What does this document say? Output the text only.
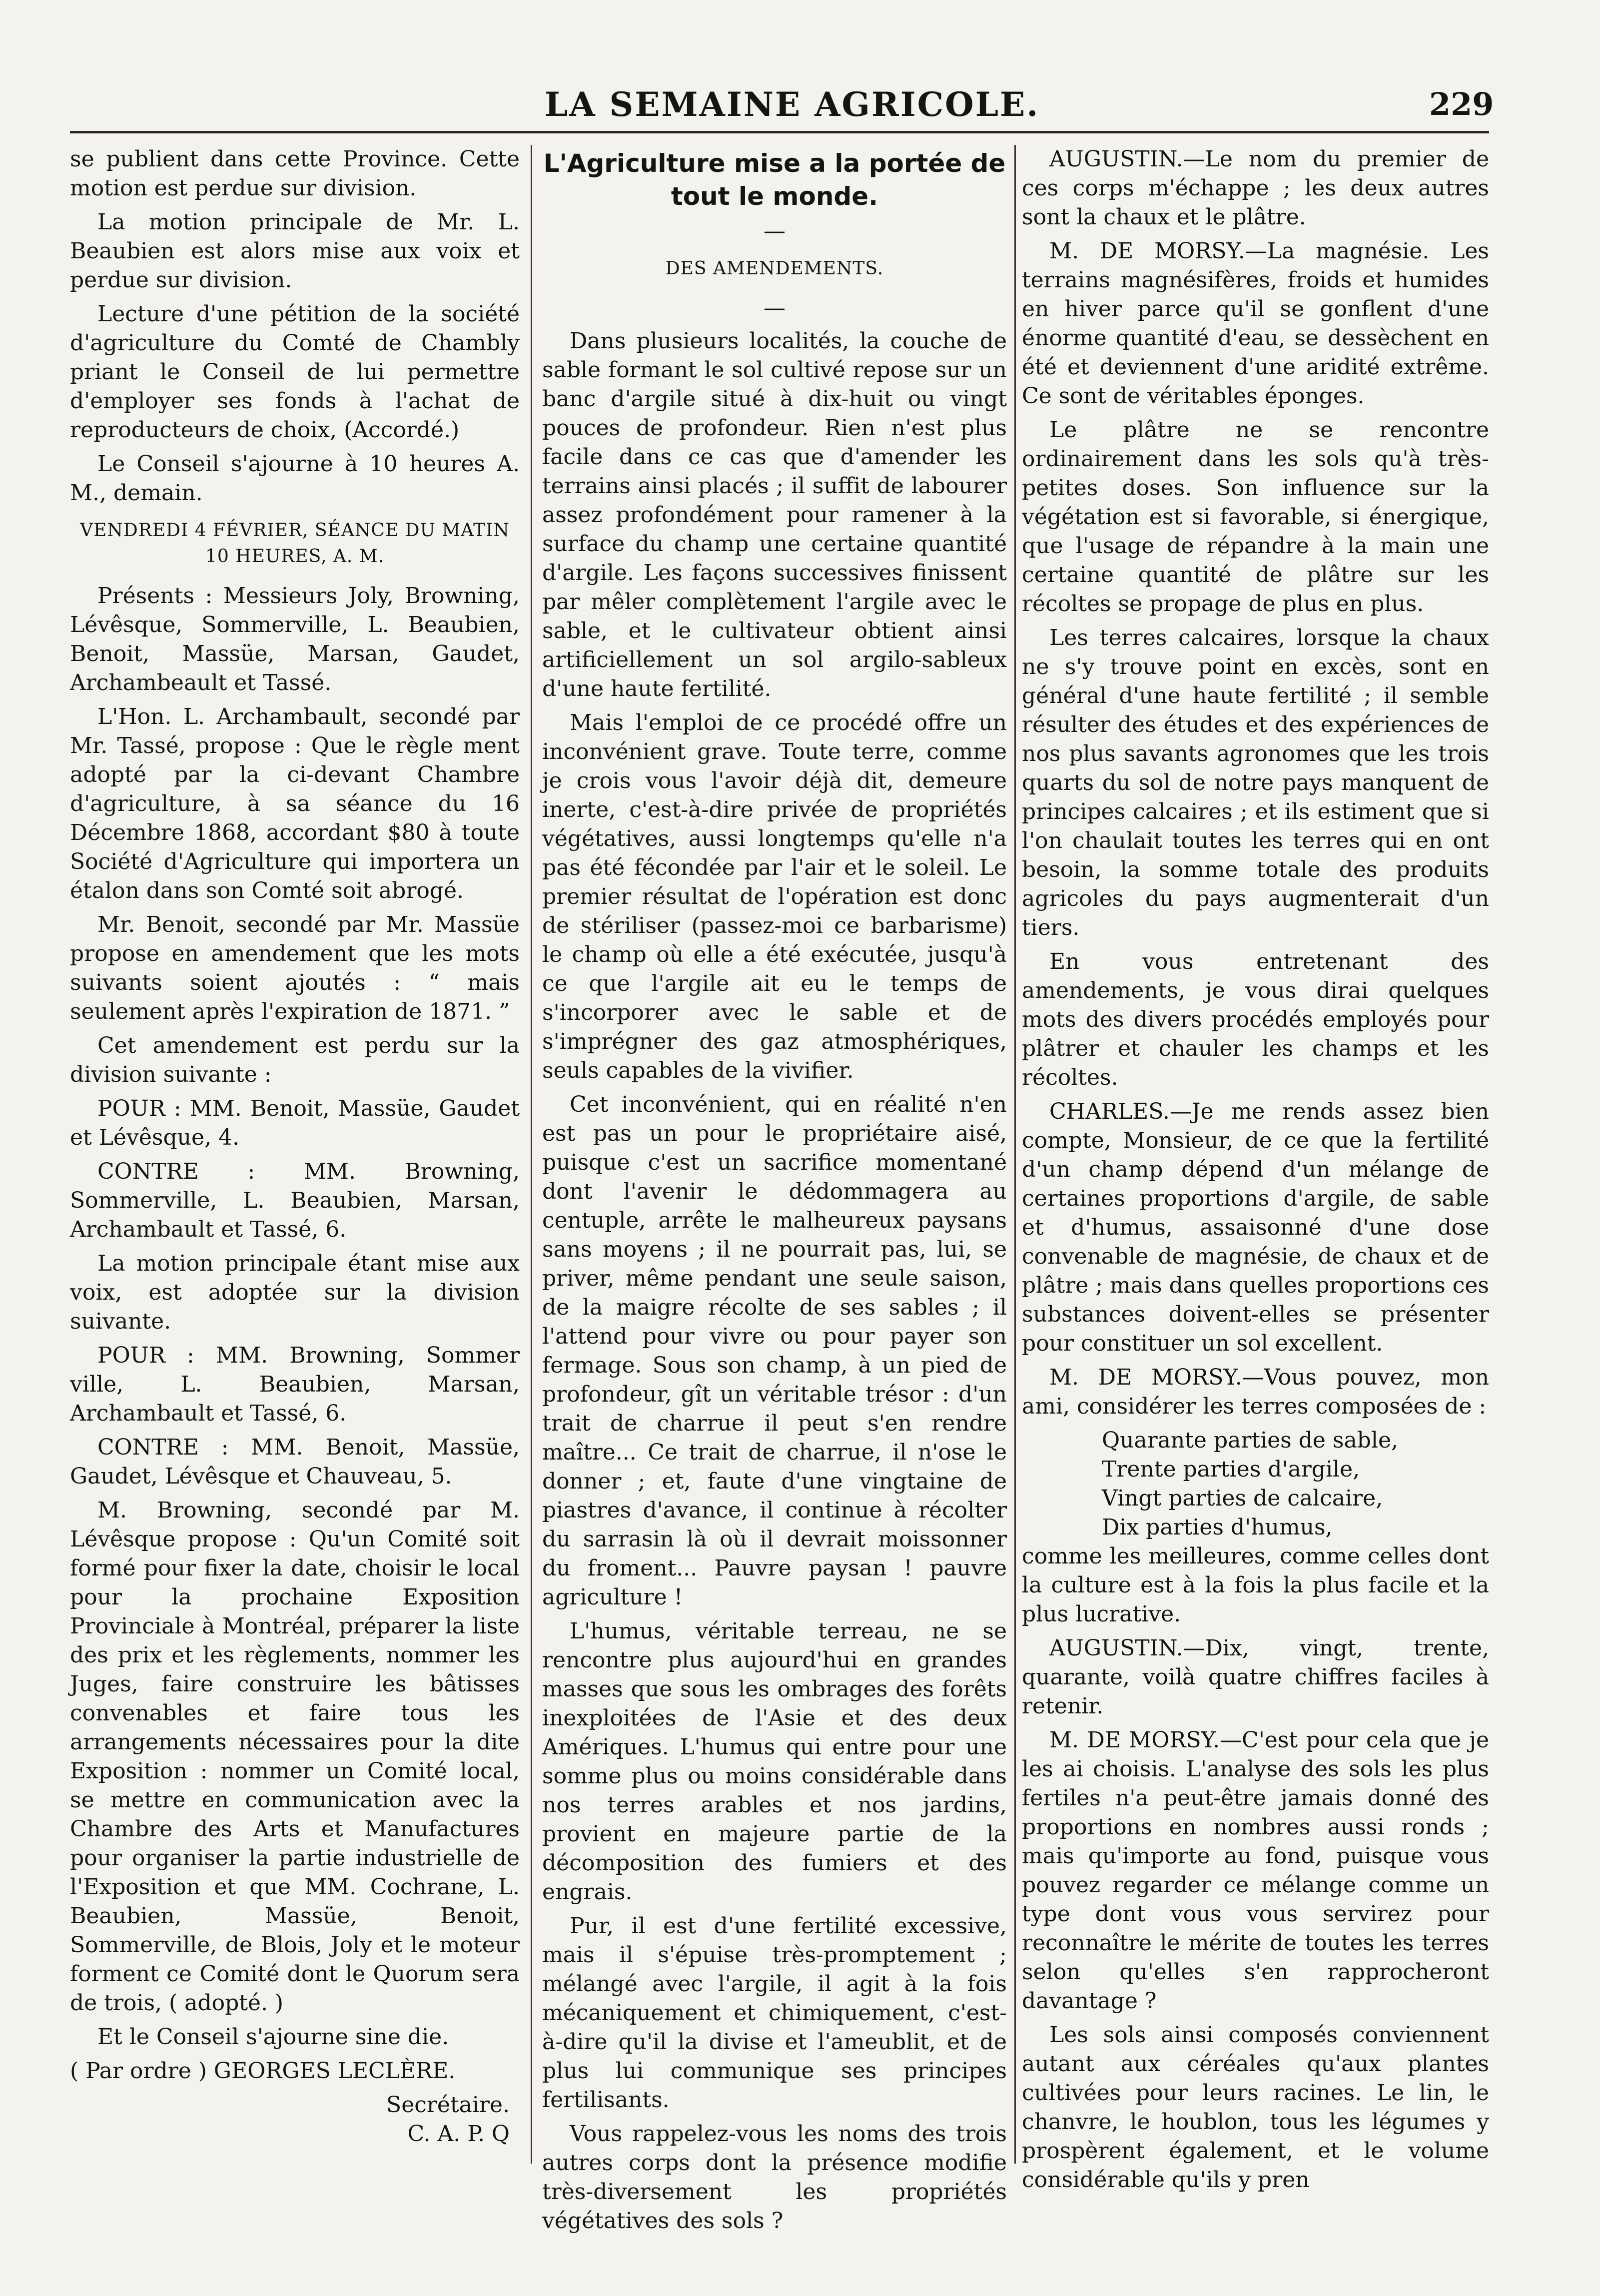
LA SEMAINE AGRICOLE.	229

se publient dans cette Province. Cette motion est perdue sur division.

La motion principale de Mr. L. Beaubien est alors mise aux voix et perdue sur division.

Lecture d'une pétition de la société d'agriculture du Comté de Chambly priant le Conseil de lui permettre d'employer ses fonds à l'achat de reproducteurs de choix, (Accordé.)

Le Conseil s'ajourne à 10 heures A. M., demain.

VENDREDI 4 FÉVRIER, SÉANCE DU MATIN 10 HEURES, A. M.

Présents : Messieurs Joly, Browning, Lévêsque, Sommerville, L. Beaubien, Benoit, Massüe, Marsan, Gaudet, Archambeault et Tassé.

L'Hon. L. Archambault, secondé par Mr. Tassé, propose : Que le règle ment adopté par la ci-devant Chambre d'agriculture, à sa séance du 16 Décembre 1868, accordant $80 à toute Société d'Agriculture qui importera un étalon dans son Comté soit abrogé.

Mr. Benoit, secondé par Mr. Massüe propose en amendement que les mots suivants soient ajoutés : “ mais seulement après l'expiration de 1871. ”

Cet amendement est perdu sur la division suivante :

POUR : MM. Benoit, Massüe, Gaudet et Lévêsque, 4.

CONTRE : MM. Browning, Sommerville, L. Beaubien, Marsan, Archambault et Tassé, 6.

La motion principale étant mise aux voix, est adoptée sur la division suivante.

POUR : MM. Browning, Sommer ville, L. Beaubien, Marsan, Archambault et Tassé, 6.

CONTRE : MM. Benoit, Massüe, Gaudet, Lévêsque et Chauveau, 5.

M. Browning, secondé par M. Lévêsque propose : Qu'un Comité soit formé pour fixer la date, choisir le local pour la prochaine Exposition Provinciale à Montréal, préparer la liste des prix et les règlements, nommer les Juges, faire construire les bâtisses convenables et faire tous les arrangements nécessaires pour la dite Exposition : nommer un Comité local, se mettre en communication avec la Chambre des Arts et Manufactures pour organiser la partie industrielle de l'Exposition et que MM. Cochrane, L. Beaubien, Massüe, Benoit, Sommerville, de Blois, Joly et le moteur forment ce Comité dont le Quorum sera de trois, ( adopté. )

Et le Conseil s'ajourne sine die.

( Par ordre ) GEORGES LECLÈRE.

Secrétaire.

C. A. P. Q

L'Agriculture mise a la portée de tout le monde.

—

DES AMENDEMENTS.

—

Dans plusieurs localités, la couche de sable formant le sol cultivé repose sur un banc d'argile situé à dix-huit ou vingt pouces de profondeur. Rien n'est plus facile dans ce cas que d'amender les terrains ainsi placés ; il suffit de labourer assez profondément pour ramener à la surface du champ une certaine quantité d'argile. Les façons successives finissent par mêler complètement l'argile avec le sable, et le cultivateur obtient ainsi artificiellement un sol argilo-sableux d'une haute fertilité.

Mais l'emploi de ce procédé offre un inconvénient grave. Toute terre, comme je crois vous l'avoir déjà dit, demeure inerte, c'est-à-dire privée de propriétés végétatives, aussi longtemps qu'elle n'a pas été fécondée par l'air et le soleil. Le premier résultat de l'opération est donc de stériliser (passez-moi ce barbarisme) le champ où elle a été exécutée, jusqu'à ce que l'argile ait eu le temps de s'incorporer avec le sable et de s'imprégner des gaz atmosphériques, seuls capables de la vivifier.

Cet inconvénient, qui en réalité n'en est pas un pour le propriétaire aisé, puisque c'est un sacrifice momentané dont l'avenir le dédommagera au centuple, arrête le malheureux paysans sans moyens ; il ne pourrait pas, lui, se priver, même pendant une seule saison, de la maigre récolte de ses sables ; il l'attend pour vivre ou pour payer son fermage. Sous son champ, à un pied de profondeur, gît un véritable trésor : d'un trait de charrue il peut s'en rendre maître... Ce trait de charrue, il n'ose le donner ; et, faute d'une vingtaine de piastres d'avance, il continue à récolter du sarrasin là où il devrait moissonner du froment... Pauvre paysan ! pauvre agriculture !

L'humus, véritable terreau, ne se rencontre plus aujourd'hui en grandes masses que sous les ombrages des forêts inexploitées de l'Asie et des deux Amériques. L'humus qui entre pour une somme plus ou moins considérable dans nos terres arables et nos jardins, provient en majeure partie de la décomposition des fumiers et des engrais.

Pur, il est d'une fertilité excessive, mais il s'épuise très-promptement ; mélangé avec l'argile, il agit à la fois mécaniquement et chimiquement, c'est-à-dire qu'il la divise et l'ameublit, et de plus lui communique ses principes fertilisants.

Vous rappelez-vous les noms des trois autres corps dont la présence modifie très-diversement les propriétés végétatives des sols ?

AUGUSTIN.—Le nom du premier de ces corps m'échappe ; les deux autres sont la chaux et le plâtre.

M. DE MORSY.—La magnésie. Les terrains magnésifères, froids et humides en hiver parce qu'il se gonflent d'une énorme quantité d'eau, se dessèchent en été et deviennent d'une aridité extrême. Ce sont de véritables éponges.

Le plâtre ne se rencontre ordinairement dans les sols qu'à très-petites doses. Son influence sur la végétation est si favorable, si énergique, que l'usage de répandre à la main une certaine quantité de plâtre sur les récoltes se propage de plus en plus.

Les terres calcaires, lorsque la chaux ne s'y trouve point en excès, sont en général d'une haute fertilité ; il semble résulter des études et des expériences de nos plus savants agronomes que les trois quarts du sol de notre pays manquent de principes calcaires ; et ils estiment que si l'on chaulait toutes les terres qui en ont besoin, la somme totale des produits agricoles du pays augmenterait d'un tiers.

En vous entretenant des amendements, je vous dirai quelques mots des divers procédés employés pour plâtrer et chauler les champs et les récoltes.

CHARLES.—Je me rends assez bien compte, Monsieur, de ce que la fertilité d'un champ dépend d'un mélange de certaines proportions d'argile, de sable et d'humus, assaisonné d'une dose convenable de magnésie, de chaux et de plâtre ; mais dans quelles proportions ces substances doivent-elles se présenter pour constituer un sol excellent.

M. DE MORSY.—Vous pouvez, mon ami, considérer les terres composées de :

Quarante parties de sable,

Trente parties d'argile,

Vingt parties de calcaire,

Dix parties d'humus,

comme les meilleures, comme celles dont la culture est à la fois la plus facile et la plus lucrative.

AUGUSTIN.—Dix, vingt, trente, quarante, voilà quatre chiffres faciles à retenir.

M. DE MORSY.—C'est pour cela que je les ai choisis. L'analyse des sols les plus fertiles n'a peut-être jamais donné des proportions en nombres aussi ronds ; mais qu'importe au fond, puisque vous pouvez regarder ce mélange comme un type dont vous vous servirez pour reconnaître le mérite de toutes les terres selon qu'elles s'en rapprocheront davantage ?

Les sols ainsi composés conviennent autant aux céréales qu'aux plantes cultivées pour leurs racines. Le lin, le chanvre, le houblon, tous les légumes y prospèrent également, et le volume considérable qu'ils y pren
